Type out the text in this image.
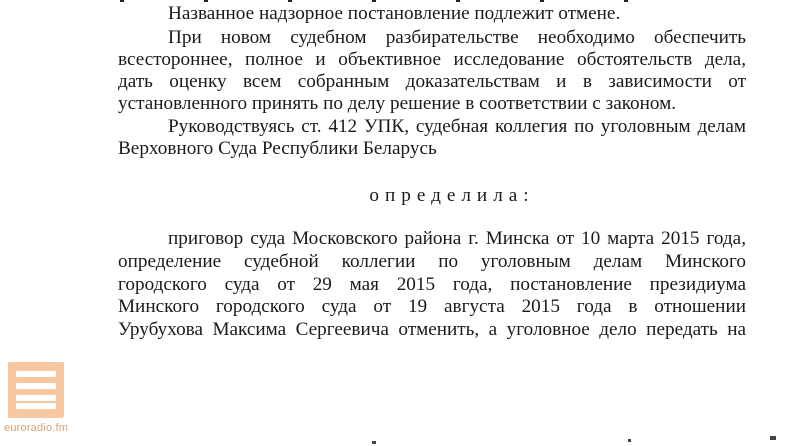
Названное надзорное постановление подлежит отмене.
При новом судебном разбирательстве необходимо обеспечить
всестороннее, полное и объективное исследование обстоятельств дела,
дать оценку всем собранным доказательствам и в зависимости от
установленного принять по делу решение в соответствии с законом.
Руководствуясь ст. 412 УПК, судебная коллегия по уголовным делам
Верховного Суда Республики Беларусь
определила:
приговор суда Московского района г. Минска от 10 марта 2015 года,
определение судебной коллегии по уголовным делам Минского
городского суда от 29 мая 2015 года, постановление президиума
Минского городского суда от 19 августа 2015 года в отношении
Урубухова Максима Сергеевича отменить, а уголовное дело передать на
euroradio.fm
